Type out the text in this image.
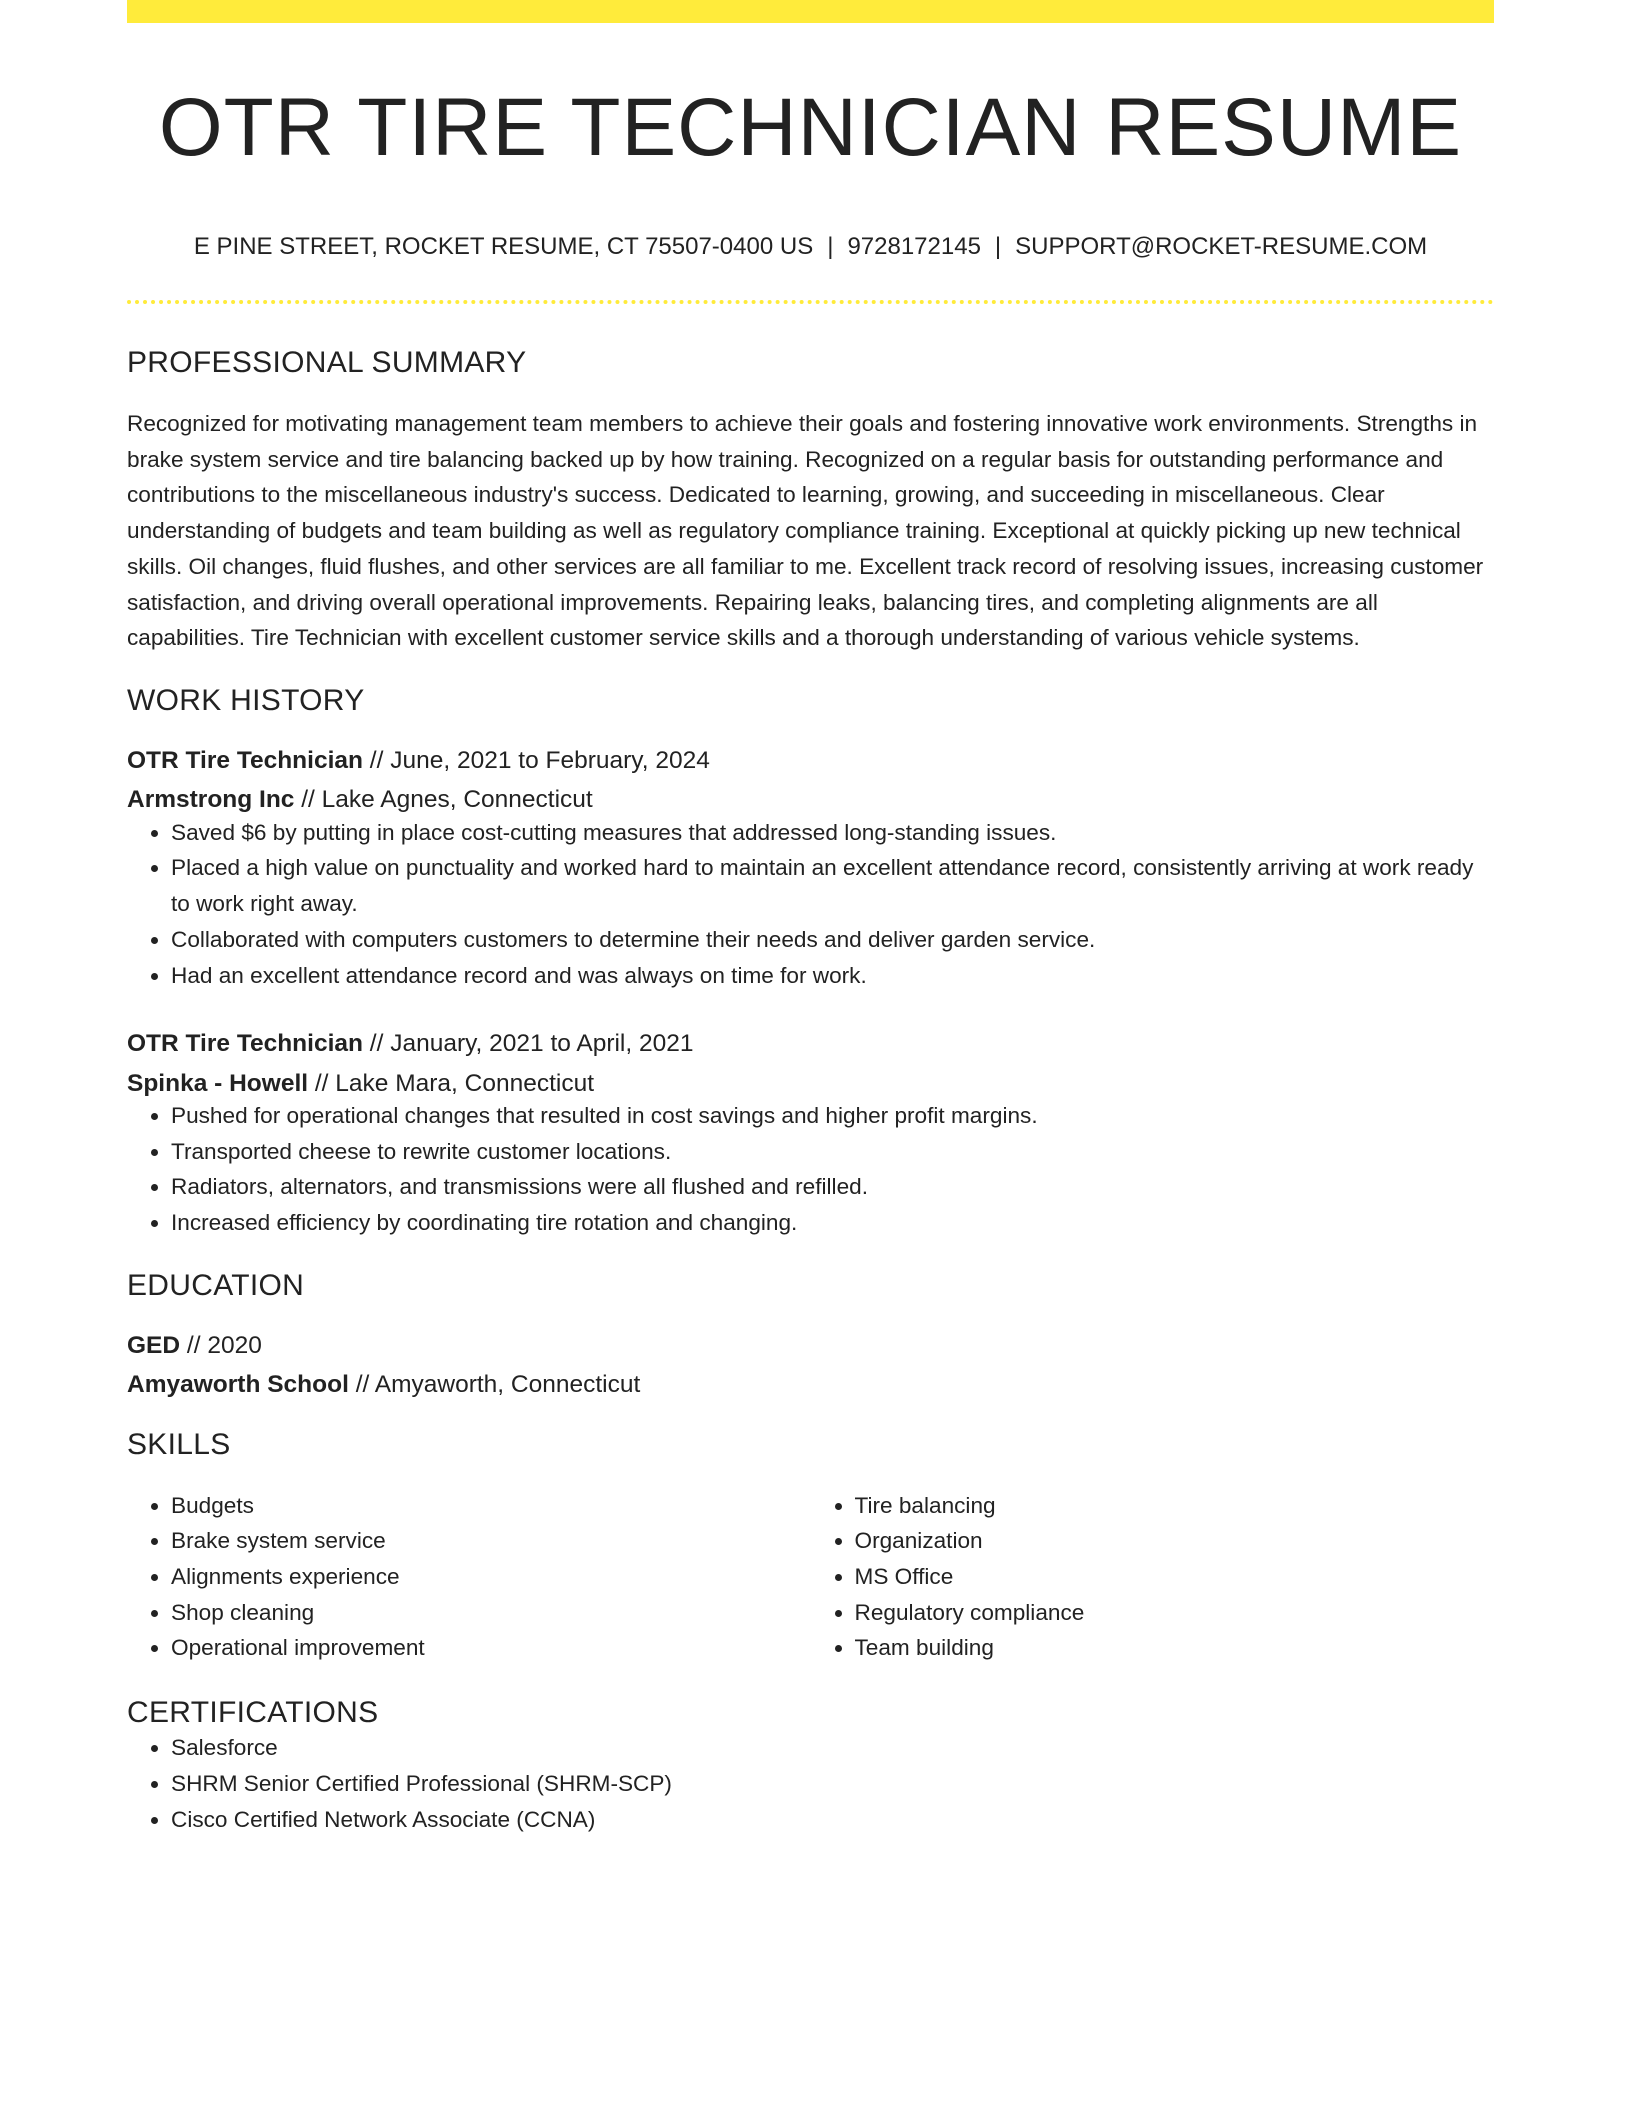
OTR TIRE TECHNICIAN RESUME
E PINE STREET, ROCKET RESUME, CT 75507-0400 US | 9728172145 | SUPPORT@ROCKET-RESUME.COM
PROFESSIONAL SUMMARY
Recognized for motivating management team members to achieve their goals and fostering innovative work environments. Strengths in brake system service and tire balancing backed up by how training. Recognized on a regular basis for outstanding performance and contributions to the miscellaneous industry's success. Dedicated to learning, growing, and succeeding in miscellaneous. Clear understanding of budgets and team building as well as regulatory compliance training. Exceptional at quickly picking up new technical skills. Oil changes, fluid flushes, and other services are all familiar to me. Excellent track record of resolving issues, increasing customer satisfaction, and driving overall operational improvements. Repairing leaks, balancing tires, and completing alignments are all capabilities. Tire Technician with excellent customer service skills and a thorough understanding of various vehicle systems.
WORK HISTORY
OTR Tire Technician // June, 2021 to February, 2024
Armstrong Inc // Lake Agnes, Connecticut
• Saved $6 by putting in place cost-cutting measures that addressed long-standing issues.
• Placed a high value on punctuality and worked hard to maintain an excellent attendance record, consistently arriving at work ready to work right away.
• Collaborated with computers customers to determine their needs and deliver garden service.
• Had an excellent attendance record and was always on time for work.
OTR Tire Technician // January, 2021 to April, 2021
Spinka - Howell // Lake Mara, Connecticut
• Pushed for operational changes that resulted in cost savings and higher profit margins.
• Transported cheese to rewrite customer locations.
• Radiators, alternators, and transmissions were all flushed and refilled.
• Increased efficiency by coordinating tire rotation and changing.
EDUCATION
GED // 2020
Amyaworth School // Amyaworth, Connecticut
SKILLS
• Budgets
• Brake system service
• Alignments experience
• Shop cleaning
• Operational improvement
• Tire balancing
• Organization
• MS Office
• Regulatory compliance
• Team building
CERTIFICATIONS
• Salesforce
• SHRM Senior Certified Professional (SHRM-SCP)
• Cisco Certified Network Associate (CCNA)
